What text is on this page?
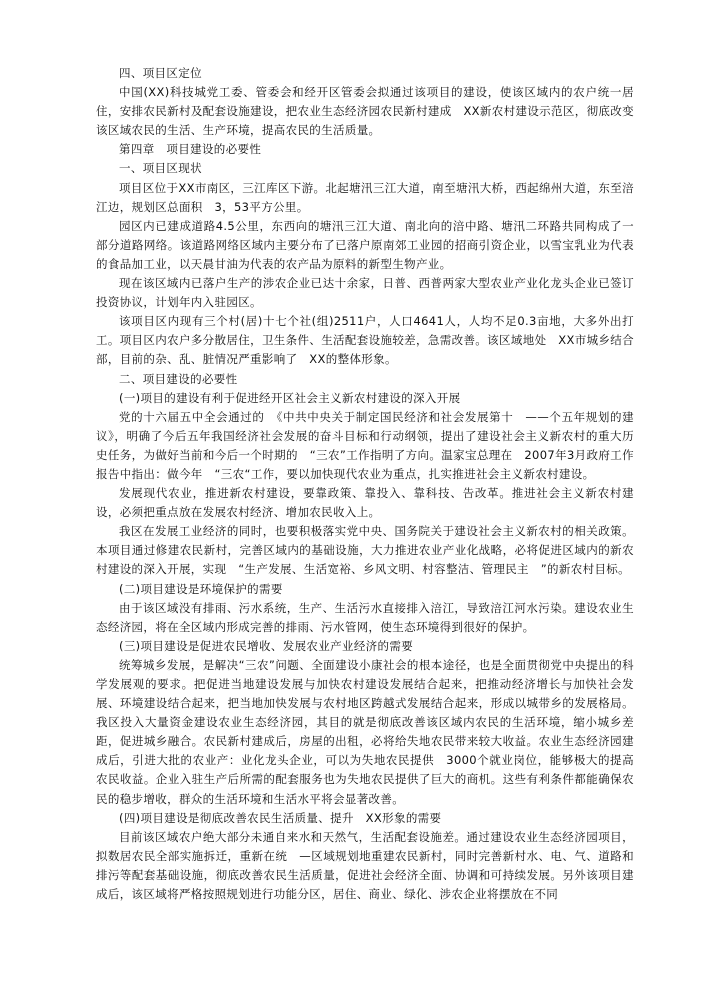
四、项目区定位

中国(XX)科技城党工委、管委会和经开区管委会拟通过该项目的建设，使该区域内的农户统一居住，安排农民新村及配套设施建设，把农业生态经济园农民新村建成　XX新农村建设示范区，彻底改变该区域农民的生活、生产环境，提高农民的生活质量。

第四章　项目建设的必要性

一、项目区现状

项目区位于XX市南区，三江库区下游。北起塘汛三江大道，南至塘汛大桥，西起绵州大道，东至涪江边，规划区总面积　3，53平方公里。

园区内已建成道路4.5公里，东西向的塘汛三江大道、南北向的涪中路、塘汛二环路共同构成了一部分道路网络。该道路网络区域内主要分布了已落户原南郊工业园的招商引资企业，以雪宝乳业为代表的食品加工业，以天晨甘油为代表的农产品为原料的新型生物产业。

现在该区域内已落户生产的涉农企业已达十余家，日普、西普两家大型农业产业化龙头企业已签订投资协议，计划年内入驻园区。

该项目区内现有三个村(居)十七个社(组)2511户，人口4641人，人均不足0.3亩地，大多外出打工。项目区内农户多分散居住，卫生条件、生活配套设施较差，急需改善。该区域地处　XX市城乡结合部，目前的杂、乱、脏情况严重影响了　XX的整体形象。

二、项目建设的必要性

(一)项目的建设有利于促进经开区社会主义新农村建设的深入开展

党的十六届五中全会通过的　《中共中央关于制定国民经济和社会发展第十　——个五年规划的建议》，明确了今后五年我国经济社会发展的奋斗目标和行动纲领，提出了建设社会主义新农村的重大历史任务，为做好当前和今后一个时期的　“三农”工作指明了方向。温家宝总理在　2007年3月政府工作报告中指出：做今年　“三农“工作，要以加快现代农业为重点，扎实推进社会主义新农村建设。

发展现代农业，推进新农村建设，要靠政策、靠投入、靠科技、告改革。推进社会主义新农村建设，必须把重点放在发展农村经济、增加农民收入上。

我区在发展工业经济的同时，也要积极落实党中央、国务院关于建设社会主义新农村的相关政策。本项目通过修建农民新村，完善区域内的基础设施，大力推进农业产业化战略，必将促进区域内的新农村建设的深入开展，实现　“生产发展、生活宽裕、乡风文明、村容整洁、管理民主　”的新农村目标。

(二)项目建设是环境保护的需要

由于该区域没有排雨、污水系统，生产、生活污水直接排入涪江，导致涪江河水污染。建设农业生态经济园，将在全区域内形成完善的排雨、污水管网，使生态环境得到很好的保护。

(三)项目建设是促进农民增收、发展农业产业经济的需要

统筹城乡发展，是解决“三农”问题、全面建设小康社会的根本途径，也是全面贯彻党中央提出的科学发展观的要求。把促进当地建设发展与加快农村建设发展结合起来，把推动经济增长与加快社会发展、环境建设结合起来，把当地加快发展与农村地区跨越式发展结合起来，形成以城带乡的发展格局。我区投入大量资金建设农业生态经济园，其目的就是彻底改善该区域内农民的生活环境，缩小城乡差距，促进城乡融合。农民新村建成后，房屋的出租，必将给失地农民带来较大收益。农业生态经济园建成后，引进大批的农业产：业化龙头企业，可以为失地农民提供　3000个就业岗位，能够极大的提高农民收益。企业入驻生产后所需的配套服务也为失地农民提供了巨大的商机。这些有利条件都能确保农民的稳步增收，群众的生活环境和生活水平将会显著改善。

(四)项目建设是彻底改善农民生活质量、提升　XX形象的需要

目前该区域农户绝大部分未通自来水和天然气，生活配套设施差。通过建设农业生态经济园项目，拟数居农民全部实施拆迁，重新在统　—区域规划地重建农民新村，同时完善新村水、电、气、道路和排污等配套基础设施，彻底改善农民生活质量，促进社会经济全面、协调和可持续发展。另外该项目建成后，该区域将严格按照规划进行功能分区，居住、商业、绿化、涉农企业将摆放在不同
